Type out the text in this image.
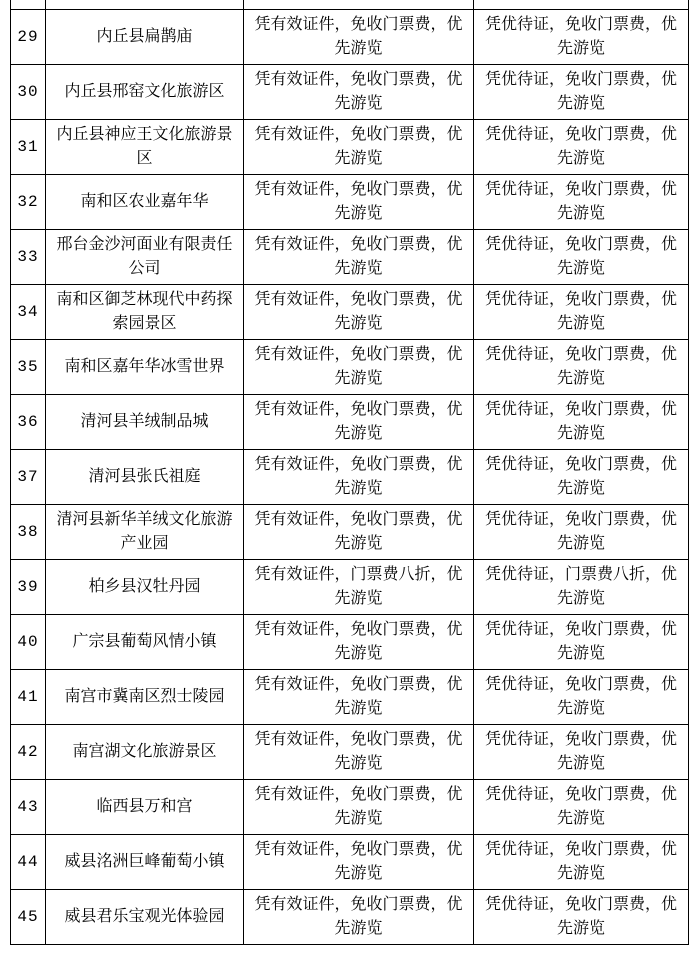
29	内丘县扁鹊庙	凭有效证件，免收门票费，优先游览	凭优待证，免收门票费，优先游览
30	内丘县邢窑文化旅游区	凭有效证件，免收门票费，优先游览	凭优待证，免收门票费，优先游览
31	内丘县神应王文化旅游景区	凭有效证件，免收门票费，优先游览	凭优待证，免收门票费，优先游览
32	南和区农业嘉年华	凭有效证件，免收门票费，优先游览	凭优待证，免收门票费，优先游览
33	邢台金沙河面业有限责任公司	凭有效证件，免收门票费，优先游览	凭优待证，免收门票费，优先游览
34	南和区御芝林现代中药探索园景区	凭有效证件，免收门票费，优先游览	凭优待证，免收门票费，优先游览
35	南和区嘉年华冰雪世界	凭有效证件，免收门票费，优先游览	凭优待证，免收门票费，优先游览
36	清河县羊绒制品城	凭有效证件，免收门票费，优先游览	凭优待证，免收门票费，优先游览
37	清河县张氏祖庭	凭有效证件，免收门票费，优先游览	凭优待证，免收门票费，优先游览
38	清河县新华羊绒文化旅游产业园	凭有效证件，免收门票费，优先游览	凭优待证，免收门票费，优先游览
39	柏乡县汉牡丹园	凭有效证件，门票费八折，优先游览	凭优待证，门票费八折，优先游览
40	广宗县葡萄风情小镇	凭有效证件，免收门票费，优先游览	凭优待证，免收门票费，优先游览
41	南宫市冀南区烈士陵园	凭有效证件，免收门票费，优先游览	凭优待证，免收门票费，优先游览
42	南宫湖文化旅游景区	凭有效证件，免收门票费，优先游览	凭优待证，免收门票费，优先游览
43	临西县万和宫	凭有效证件，免收门票费，优先游览	凭优待证，免收门票费，优先游览
44	威县洺洲巨峰葡萄小镇	凭有效证件，免收门票费，优先游览	凭优待证，免收门票费，优先游览
45	威县君乐宝观光体验园	凭有效证件，免收门票费，优先游览	凭优待证，免收门票费，优先游览
